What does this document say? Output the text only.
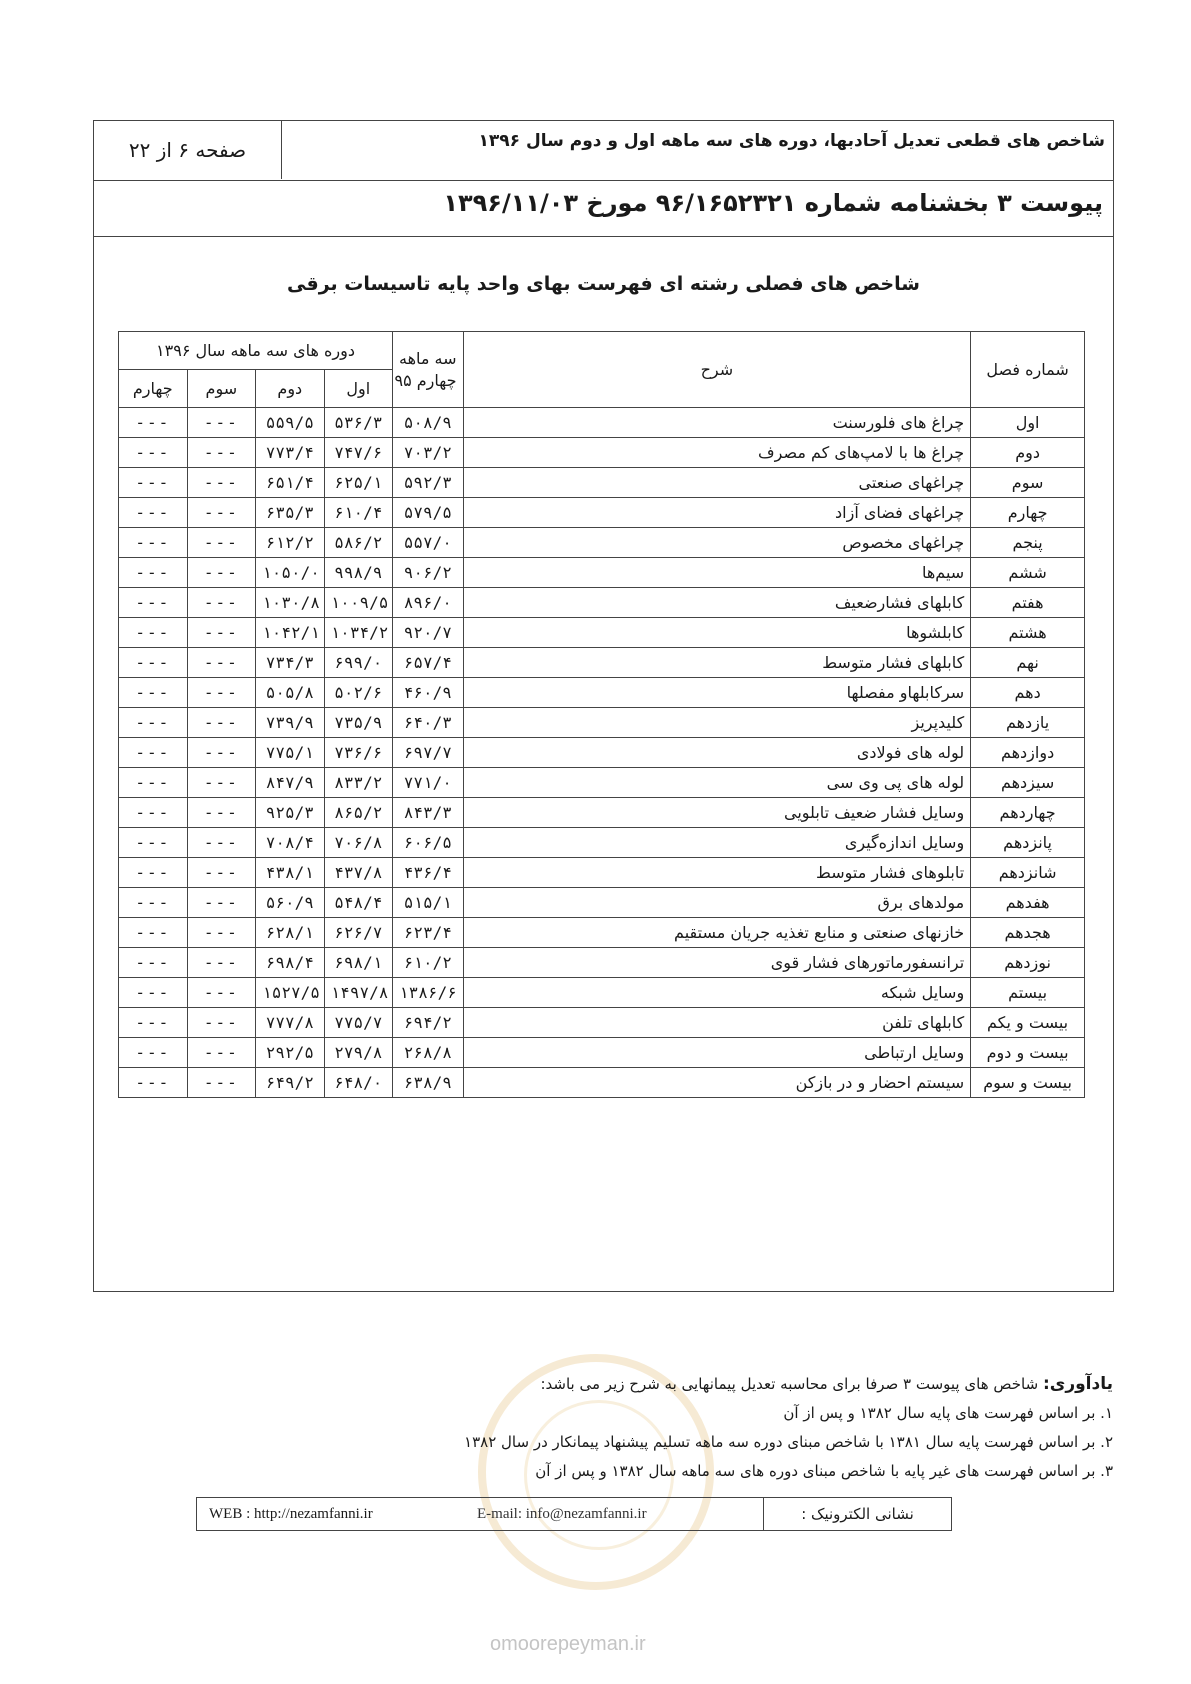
شاخص های قطعی تعدیل آحادبها، دوره های سه ماهه اول و دوم سال ۱۳۹۶
صفحه ۶ از ۲۲
پیوست ۳ بخشنامه شماره ۹۶/۱۶۵۲۳۲۱ مورخ ۱۳۹۶/۱۱/۰۳
شاخص های فصلی رشته ای فهرست بهای واحد پایه تاسیسات برقی
شماره فصل	شرح	سه ماهه
چهارم ۹۵	دوره های سه ماهه سال ۱۳۹۶			
			اول	دوم	سوم	چهارم
اول	چراغ های فلورسنت	۵۰۸/۹	۵۳۶/۳	۵۵۹/۵	---	---
دوم	چراغ ها با لامپ‌های کم مصرف	۷۰۳/۲	۷۴۷/۶	۷۷۳/۴	---	---
سوم	چراغهای صنعتی	۵۹۲/۳	۶۲۵/۱	۶۵۱/۴	---	---
چهارم	چراغهای فضای آزاد	۵۷۹/۵	۶۱۰/۴	۶۳۵/۳	---	---
پنجم	چراغهای مخصوص	۵۵۷/۰	۵۸۶/۲	۶۱۲/۲	---	---
ششم	سیم‌ها	۹۰۶/۲	۹۹۸/۹	۱۰۵۰/۰	---	---
هفتم	کابلهای فشارضعیف	۸۹۶/۰	۱۰۰۹/۵	۱۰۳۰/۸	---	---
هشتم	کابلشوها	۹۲۰/۷	۱۰۳۴/۲	۱۰۴۲/۱	---	---
نهم	کابلهای فشار متوسط	۶۵۷/۴	۶۹۹/۰	۷۳۴/۳	---	---
دهم	سرکابلهاو مفصلها	۴۶۰/۹	۵۰۲/۶	۵۰۵/۸	---	---
یازدهم	کلیدپریز	۶۴۰/۳	۷۳۵/۹	۷۳۹/۹	---	---
دوازدهم	لوله های فولادی	۶۹۷/۷	۷۳۶/۶	۷۷۵/۱	---	---
سیزدهم	لوله های پی‌ وی‌ سی	۷۷۱/۰	۸۳۳/۲	۸۴۷/۹	---	---
چهاردهم	وسایل فشار ضعیف تابلویی	۸۴۳/۳	۸۶۵/۲	۹۲۵/۳	---	---
پانزدهم	وسایل اندازه‌گیری	۶۰۶/۵	۷۰۶/۸	۷۰۸/۴	---	---
شانزدهم	تابلوهای فشار متوسط	۴۳۶/۴	۴۳۷/۸	۴۳۸/۱	---	---
هفدهم	مولدهای برق	۵۱۵/۱	۵۴۸/۴	۵۶۰/۹	---	---
هجدهم	خازنهای صنعتی و منابع تغذیه جریان مستقیم	۶۲۳/۴	۶۲۶/۷	۶۲۸/۱	---	---
نوزدهم	ترانسفورماتورهای فشار قوی	۶۱۰/۲	۶۹۸/۱	۶۹۸/۴	---	---
بیستم	وسایل شبکه	۱۳۸۶/۶	۱۴۹۷/۸	۱۵۲۷/۵	---	---
بیست و یکم	کابلهای تلفن	۶۹۴/۲	۷۷۵/۷	۷۷۷/۸	---	---
بیست و دوم	وسایل ارتباطی	۲۶۸/۸	۲۷۹/۸	۲۹۲/۵	---	---
بیست و سوم	سیستم احضار و در بازکن	۶۳۸/۹	۶۴۸/۰	۶۴۹/۲	---	---
یادآوری: شاخص های پیوست ۳ صرفا برای محاسبه تعدیل پیمانهایی به شرح زیر می باشد:
۱. بر اساس فهرست های پایه سال ۱۳۸۲ و پس از آن
۲. بر اساس فهرست پایه سال ۱۳۸۱ با شاخص مبنای دوره سه ماهه تسلیم پیشنهاد پیمانکار در سال ۱۳۸۲
۳. بر اساس فهرست های غیر پایه با شاخص مبنای دوره های سه ماهه سال ۱۳۸۲ و پس از آن
نشانی الکترونیک :
E-mail: info@nezamfanni.ir
WEB : http://nezamfanni.ir
omoorepeyman.ir
